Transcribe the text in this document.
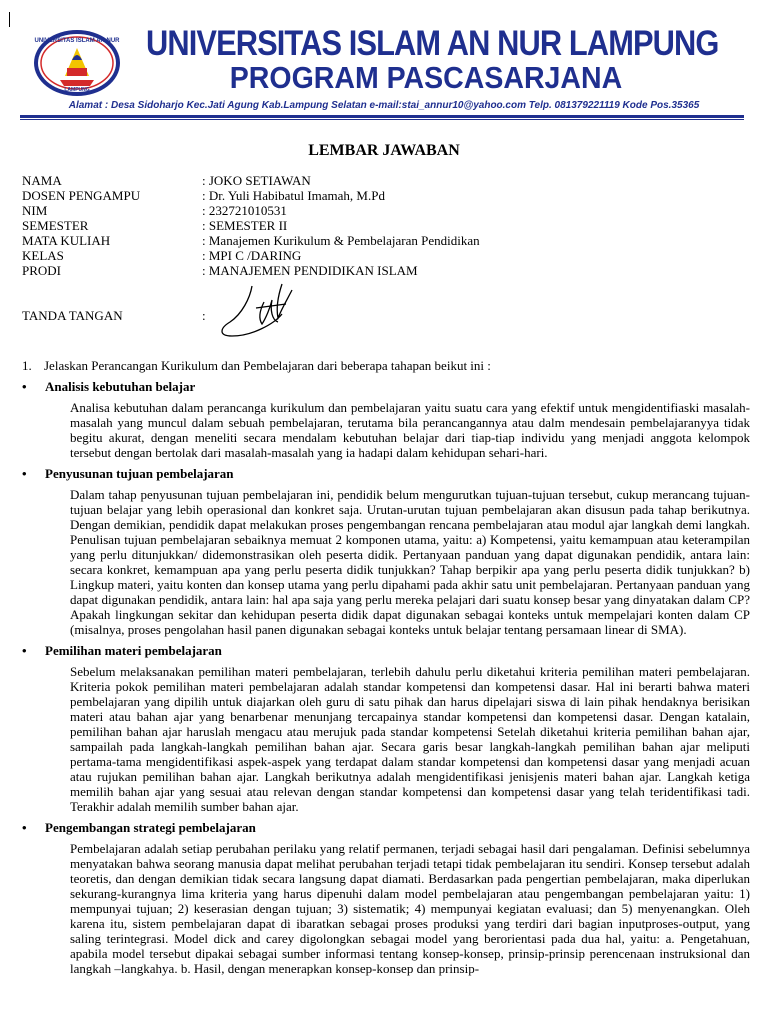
UNIVERSITAS ISLAM AN NUR
LAMPUNG
UNIVERSITAS ISLAM AN NUR LAMPUNG
PROGRAM PASCASARJANA
Alamat : Desa Sidoharjo Kec.Jati Agung Kab.Lampung Selatan e-mail:stai_annur10@yahoo.com Telp. 081379221119 Kode Pos.35365
LEMBAR JAWABAN
NAMA	: JOKO SETIAWAN
DOSEN PENGAMPU	: Dr. Yuli Habibatul Imamah, M.Pd
NIM	: 232721010531
SEMESTER	: SEMESTER II
MATA KULIAH	: Manajemen Kurikulum & Pembelajaran Pendidikan
KELAS	: MPI C /DARING
PRODI	: MANAJEMEN PENDIDIKAN ISLAM
TANDA TANGAN	:
1. Jelaskan Perancangan Kurikulum dan Pembelajaran dari beberapa tahapan beikut ini :
•	Analisis kebutuhan belajar
Analisa kebutuhan dalam perancanga kurikulum dan pembelajaran yaitu suatu cara yang efektif untuk mengidentifiaski masalah-masalah yang muncul dalam sebuah pembelajaran, terutama bila perancangannya atau dalm mendesain pembelajaranyya tidak begitu akurat, dengan meneliti secara mendalam kebutuhan belajar dari tiap-tiap individu yang menjadi anggota kelompok tersebut dengan bertolak dari masalah-masalah yang ia hadapi dalam kehidupan sehari-hari.
•	Penyusunan tujuan pembelajaran
Dalam tahap penyusunan tujuan pembelajaran ini, pendidik belum mengurutkan tujuan-tujuan tersebut, cukup merancang tujuan-tujuan belajar yang lebih operasional dan konkret saja. Urutan-urutan tujuan pembelajaran akan disusun pada tahap berikutnya. Dengan demikian, pendidik dapat melakukan proses pengembangan rencana pembelajaran atau modul ajar langkah demi langkah. Penulisan tujuan pembelajaran sebaiknya memuat 2 komponen utama, yaitu: a) Kompetensi, yaitu kemampuan atau keterampilan yang perlu ditunjukkan/ didemonstrasikan oleh peserta didik. Pertanyaan panduan yang dapat digunakan pendidik, antara lain: secara konkret, kemampuan apa yang perlu peserta didik tunjukkan? Tahap berpikir apa yang perlu peserta didik tunjukkan? b) Lingkup materi, yaitu konten dan konsep utama yang perlu dipahami pada akhir satu unit pembelajaran. Pertanyaan panduan yang dapat digunakan pendidik, antara lain: hal apa saja yang perlu mereka pelajari dari suatu konsep besar yang dinyatakan dalam CP? Apakah lingkungan sekitar dan kehidupan peserta didik dapat digunakan sebagai konteks untuk mempelajari konten dalam CP (misalnya, proses pengolahan hasil panen digunakan sebagai konteks untuk belajar tentang persamaan linear di SMA).
•	Pemilihan materi pembelajaran
Sebelum melaksanakan pemilihan materi pembelajaran, terlebih dahulu perlu diketahui kriteria pemilihan materi pembelajaran. Kriteria pokok pemilihan materi pembelajaran adalah standar kompetensi dan kompetensi dasar. Hal ini berarti bahwa materi pembelajaran yang dipilih untuk diajarkan oleh guru di satu pihak dan harus dipelajari siswa di lain pihak hendaknya berisikan materi atau bahan ajar yang benarbenar menunjang tercapainya standar kompetensi dan kompetensi dasar. Dengan katalain, pemilihan bahan ajar haruslah mengacu atau merujuk pada standar kompetensi Setelah diketahui kriteria pemilihan bahan ajar, sampailah pada langkah-langkah pemilihan bahan ajar. Secara garis besar langkah-langkah pemilihan bahan ajar meliputi pertama-tama mengidentifikasi aspek-aspek yang terdapat dalam standar kompetensi dan kompetensi dasar yang menjadi acuan atau rujukan pemilihan bahan ajar. Langkah berikutnya adalah mengidentifikasi jenisjenis materi bahan ajar. Langkah ketiga memilih bahan ajar yang sesuai atau relevan dengan standar kompetensi dan kompetensi dasar yang telah teridentifikasi tadi. Terakhir adalah memilih sumber bahan ajar.
•	Pengembangan strategi pembelajaran
Pembelajaran adalah setiap perubahan perilaku yang relatif permanen, terjadi sebagai hasil dari pengalaman. Definisi sebelumnya menyatakan bahwa seorang manusia dapat melihat perubahan terjadi tetapi tidak pembelajaran itu sendiri. Konsep tersebut adalah teoretis, dan dengan demikian tidak secara langsung dapat diamati. Berdasarkan pada pengertian pembelajaran, maka diperlukan sekurang-kurangnya lima kriteria yang harus dipenuhi dalam model pembelajaran atau pengembangan pembelajaran yaitu: 1) mempunyai tujuan; 2) keserasian dengan tujuan; 3) sistematik; 4) mempunyai kegiatan evaluasi; dan 5) menyenangkan. Oleh karena itu, sistem pembelajaran dapat di ibaratkan sebagai proses produksi yang terdiri dari bagian inputproses-output, yang saling terintegrasi. Model dick and carey digolongkan sebagai model yang berorientasi pada dua hal, yaitu: a. Pengetahuan, apabila model tersebut dipakai sebagai sumber informasi tentang konsep-konsep, prinsip-prinsip perencenaan instruksional dan langkah –langkahya. b. Hasil, dengan menerapkan konsep-konsep dan prinsip-
